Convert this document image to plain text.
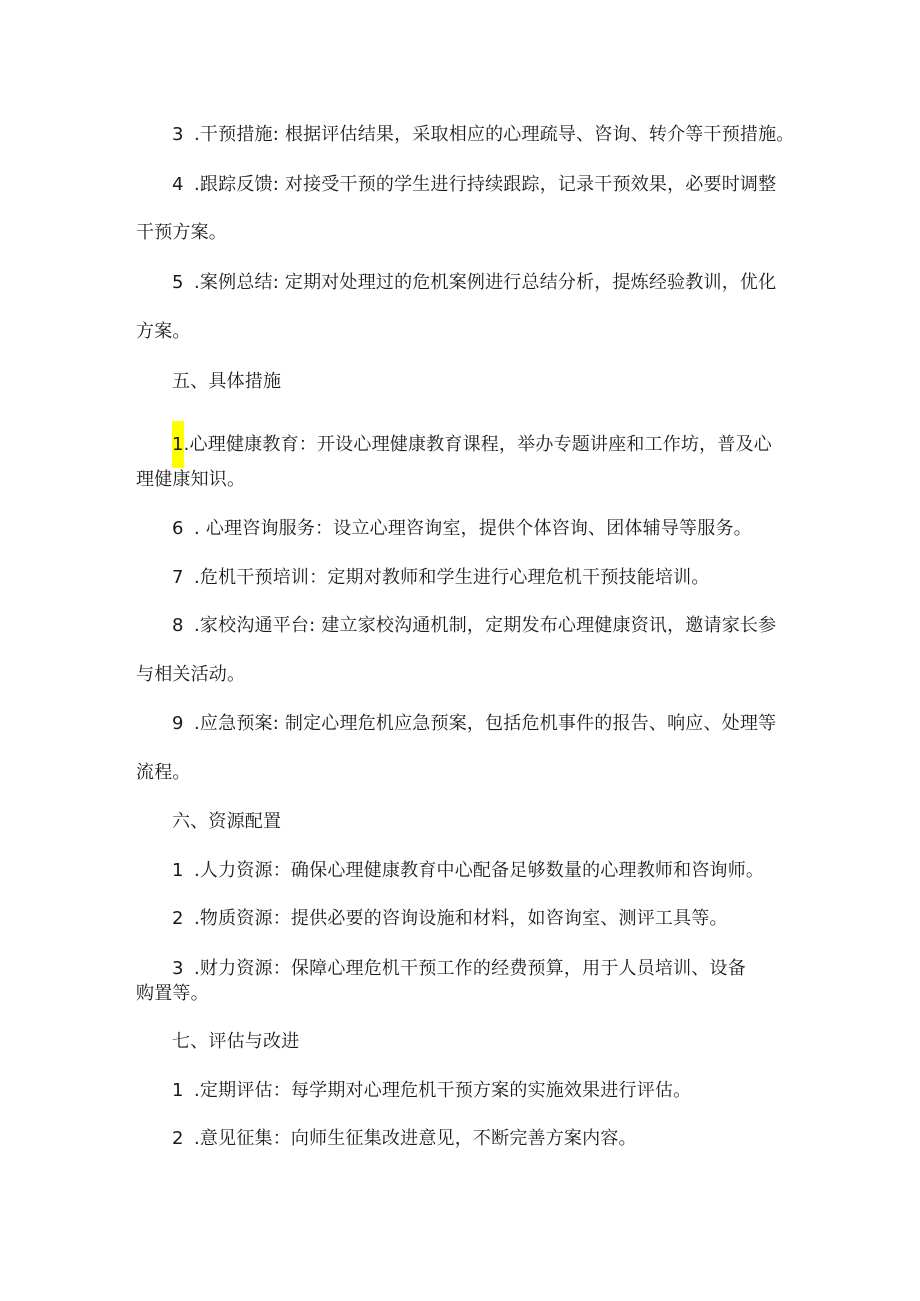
3 .干预措施: 根据评估结果，采取相应的心理疏导、咨询、转介等干预措施。
4 .跟踪反馈: 对接受干预的学生进行持续跟踪，记录干预效果，必要时调整
干预方案。
5 .案例总结: 定期对处理过的危机案例进行总结分析，提炼经验教训，优化
方案。
五、具体措施
1.心理健康教育：开设心理健康教育课程，举办专题讲座和工作坊，普及心
理健康知识。
6 . 心理咨询服务：设立心理咨询室，提供个体咨询、团体辅导等服务。
7 .危机干预培训：定期对教师和学生进行心理危机干预技能培训。
8 .家校沟通平台: 建立家校沟通机制，定期发布心理健康资讯，邀请家长参
与相关活动。
9 .应急预案: 制定心理危机应急预案，包括危机事件的报告、响应、处理等
流程。
六、资源配置
1 .人力资源：确保心理健康教育中心配备足够数量的心理教师和咨询师。
2 .物质资源：提供必要的咨询设施和材料，如咨询室、测评工具等。
3 .财力资源：保障心理危机干预工作的经费预算，用于人员培训、设备
购置等。
七、评估与改进
1 .定期评估：每学期对心理危机干预方案的实施效果进行评估。
2 .意见征集：向师生征集改进意见，不断完善方案内容。
